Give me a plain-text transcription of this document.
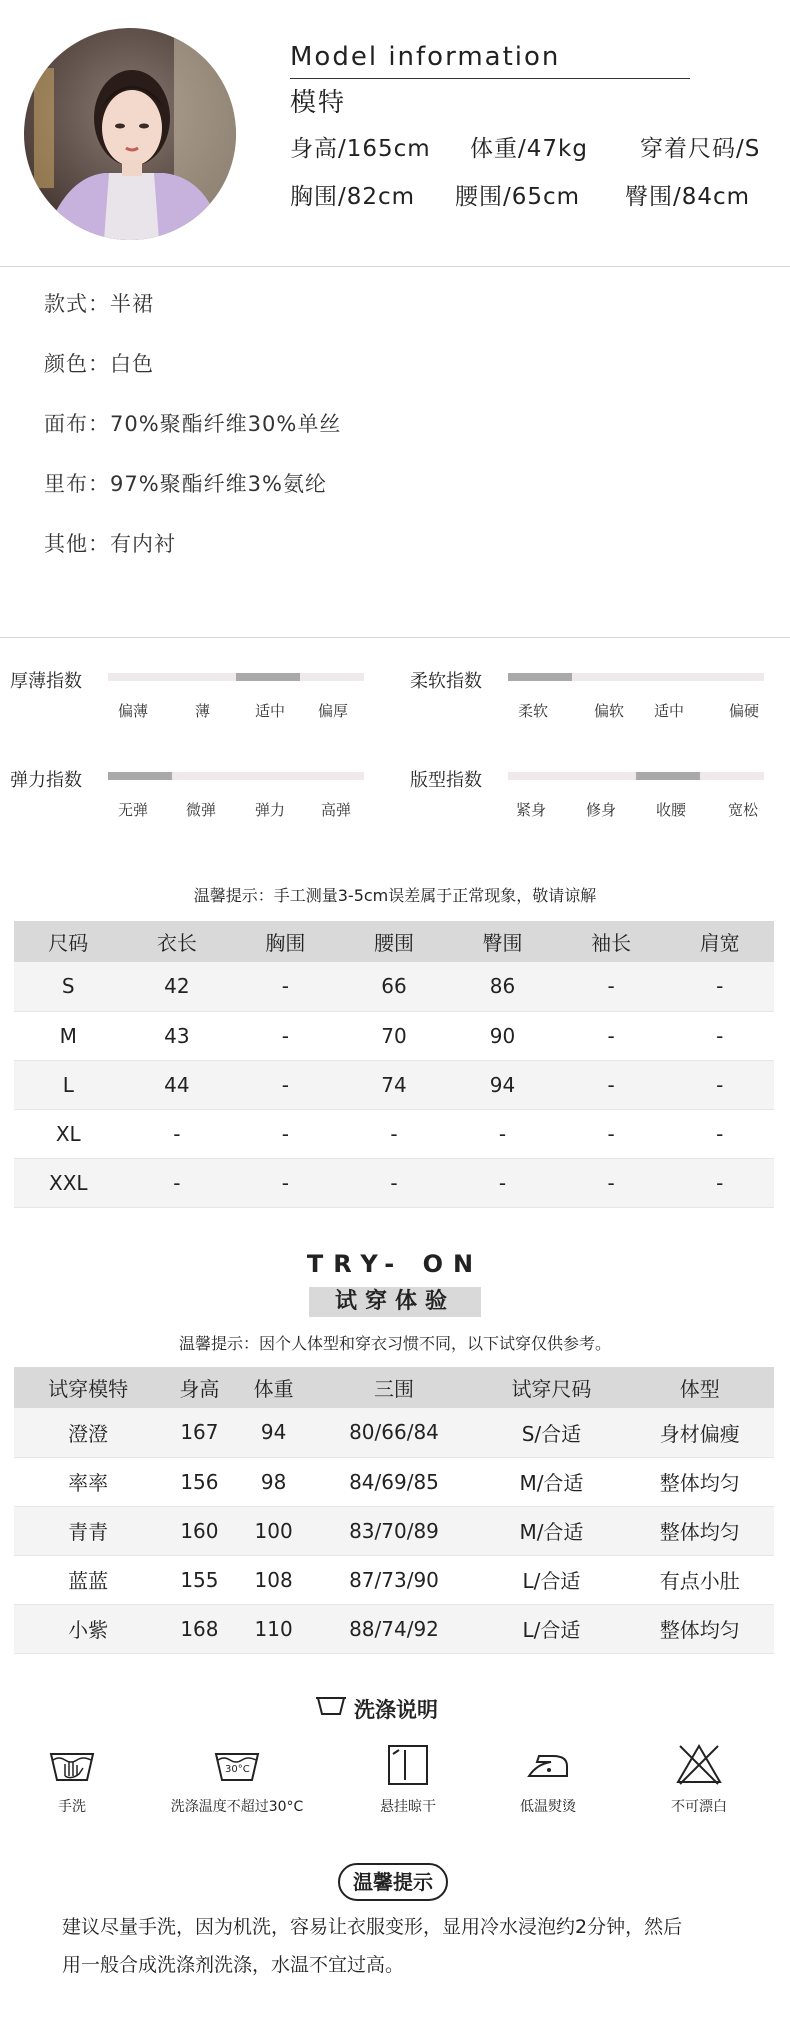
Model information
模特
身高/165cm 体重/47kg 穿着尺码/S
胸围/82cm 腰围/65cm 臀围/84cm
款式：半裙
颜色：白色
面布：70%聚酯纤维30%单丝
里布：97%聚酯纤维3%氨纶
其他：有内衬
厚薄指数
偏薄	薄	适中 偏厚
柔软指数
柔软	偏软 适中	偏硬
弹力指数
无弹	微弹	弹力 高弹
版型指数
紧身	修身	收腰	宽松
温馨提示：手工测量3-5cm误差属于正常现象，敬请谅解
尺码	衣长	胸围	腰围	臀围	袖长	肩宽
S	42	-	66	86	-	-
M	43	-	70	90	-	-
L	44	-	74	94	-	-
XL	-	-	-	-	-	-
XXL	-	-	-	-	-	-
TRY- ON
试穿体验
温馨提示：因个人体型和穿衣习惯不同，以下试穿仅供参考。
试穿模特	身高	体重	三围	试穿尺码	体型
澄澄	167	94	80/66/84	S/合适	身材偏瘦
率率	156	98	84/69/85	M/合适	整体均匀
青青	160	100	83/70/89	M/合适	整体均匀
蓝蓝	155	108	87/73/90	L/合适	有点小肚
小紫	168	110	88/74/92	L/合适	整体均匀
洗涤说明
30°C
手洗	洗涤温度不超过30°C	悬挂晾干	低温熨烫	不可漂白
温馨提示
建议尽量手洗，因为机洗，容易让衣服变形，显用冷水浸泡约2分钟，然后
用一般合成洗涤剂洗涤，水温不宜过高。
